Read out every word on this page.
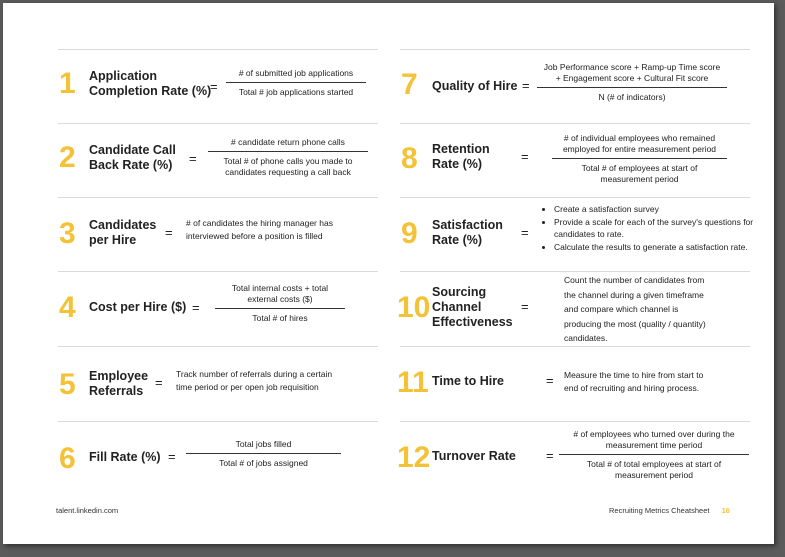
1 Application
Completion Rate (%)
=
# of submitted job applications
Total # job applications started
2 Candidate Call
Back Rate (%) =
# candidate return phone calls
Total # of phone calls you made to
candidates requesting a call back
3 Candidates
per Hire	=
# of candidates the hiring manager has
interviewed before a position is filled
4 Cost per Hire ($) =
Total internal costs + total
external costs ($)
Total # of hires
5 Employee
Referrals
=
Track number of referrals during a certain
time period or per open job requisition
6 Fill Rate (%) =
Total jobs filled
Total # of jobs assigned
7 Quality of Hire =
Job Performance score + Ramp-up Time score
+ Engagement score + Cultural Fit score
N (# of indicators)
8 Retention
Rate (%)	=
# of individual employees who remained
employed for entire measurement period
Total # of employees at start of
measurement period
9 Satisfaction
Rate (%)	=
• Create a satisfaction survey
• Provide a scale for each of the survey's questions for candidates to rate.
• Calculate the results to generate a satisfaction rate.
10 Sourcing
Channel
Effectiveness
=
Count the number of candidates from
the channel during a given timeframe
and compare which channel is
producing the most (quality / quantity)
candidates.
11 Time to Hire	= Measure the time to hire from start to
end of recruiting and hiring process.
12 Turnover Rate =
# of employees who turned over during the
measurement time period
Total # of total employees at start of
measurement period
talent.linkedin.com	Recruiting Metrics Cheatsheet 16
